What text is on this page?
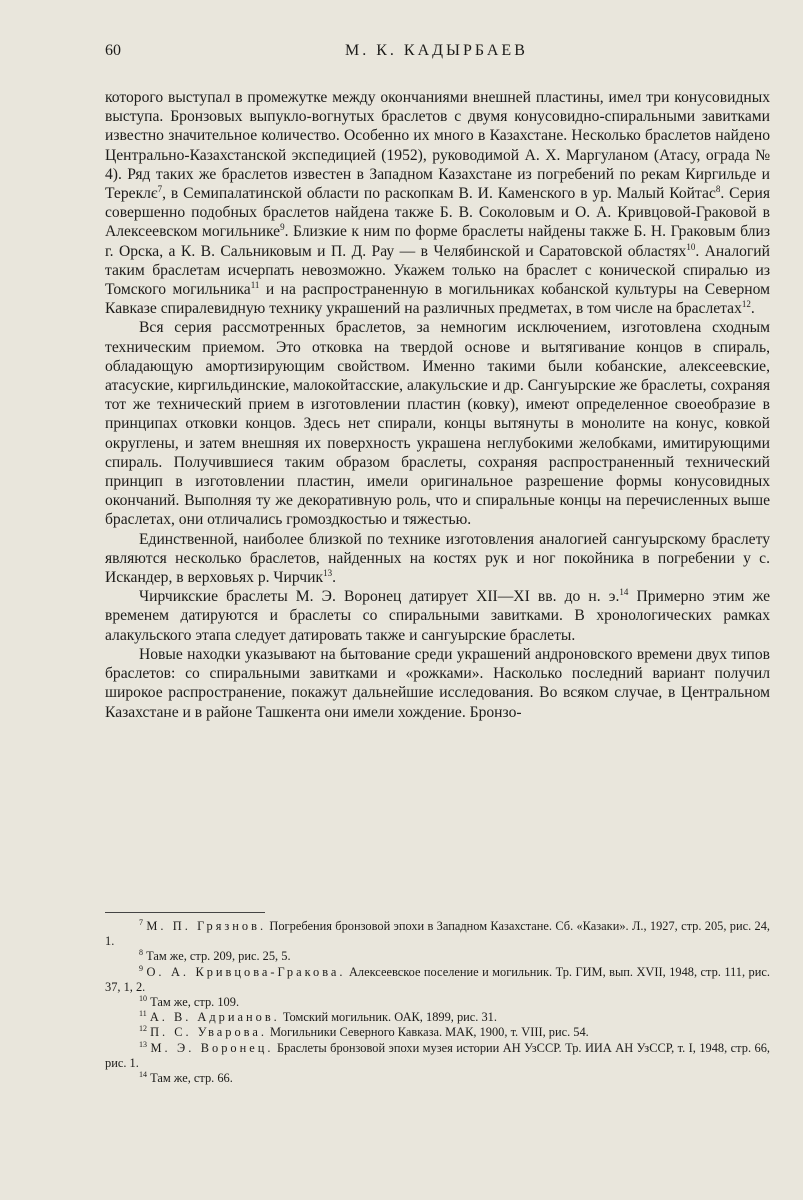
60	М. К. КАДЫРБАЕВ

которого выступал в промежутке между окончаниями внешней пластины, имел три конусовидных выступа. Бронзовых выпукло-вогнутых браслетов с двумя конусовидно-спиральными завитками известно значительное количество. Особенно их много в Казахстане. Несколько браслетов найдено Центрально-Казахстанской экспедицией (1952), руководимой А. Х. Маргуланом (Атасу, ограда № 4). Ряд таких же браслетов известен в Западном Казахстане из погребений по рекам Киргильде и Тереклє$^7$, в Семипалатинской области по раскопкам В. И. Каменского в ур. Малый Койтас$^8$. Серия совершенно подобных браслетов найдена также Б. В. Соколовым и О. А. Кривцовой-Граковой в Алексеевском могильнике$^9$. Близкие к ним по форме браслеты найдены также Б. Н. Граковым близ г. Орска, а К. В. Сальниковым и П. Д. Рау — в Челябинской и Саратовской областях$^{10}$. Аналогий таким браслетам исчерпать невозможно. Укажем только на браслет с конической спиралью из Томского могильника$^{11}$ и на распространенную в могильниках кобанской культуры на Северном Кавказе спиралевидную технику украшений на различных предметах, в том числе на браслетах$^{12}$.

Вся серия рассмотренных браслетов, за немногим исключением, изготовлена сходным техническим приемом. Это отковка на твердой основе и вытягивание концов в спираль, обладающую амортизирующим свойством. Именно такими были кобанские, алексеевские, атасуские, киргильдинские, малокойтасские, алакульские и др. Сангуырские же браслеты, сохраняя тот же технический прием в изготовлении пластин (ковку), имеют определенное своеобразие в принципах отковки концов. Здесь нет спирали, концы вытянуты в монолите на конус, ковкой округлены, и затем внешняя их поверхность украшена неглубокими желобками, имитирующими спираль. Получившиеся таким образом браслеты, сохраняя распространенный технический принцип в изготовлении пластин, имели оригинальное разрешение формы конусовидных окончаний. Выполняя ту же декоративную роль, что и спиральные концы на перечисленных выше браслетах, они отличались громоздкостью и тяжестью.

Единственной, наиболее близкой по технике изготовления аналогией сангуырскому браслету являются несколько браслетов, найденных на костях рук и ног покойника в погребении у с. Искандер, в верховьях р. Чирчик$^{13}$.

Чирчикские браслеты М. Э. Воронец датирует XII—XI вв. до н. э.$^{14}$ Примерно этим же временем датируются и браслеты со спиральными завитками. В хронологических рамках алакульского этапа следует датировать также и сангуырские браслеты.

Новые находки указывают на бытование среди украшений андроновского времени двух типов браслетов: со спиральными завитками и «рожками». Насколько последний вариант получил широкое распространение, покажут дальнейшие исследования. Во всяком случае, в Центральном Казахстане и в районе Ташкента они имели хождение. Бронзо-

$^7$ М. П. Грязнов. Погребения бронзовой эпохи в Западном Казахстане. Сб. «Казаки». Л., 1927, стр. 205, рис. 24, 1.

$^8$ Там же, стр. 209, рис. 25, 5.

$^9$ О. А. Кривцова-Гракова. Алексеевское поселение и могильник. Тр. ГИМ, вып. XVII, 1948, стр. 111, рис. 37, 1, 2.

$^{10}$ Там же, стр. 109.

$^{11}$ А. В. Адрианов. Томский могильник. ОАК, 1899, рис. 31.

$^{12}$ П. С. Уварова. Могильники Северного Кавказа. МАК, 1900, т. VIII, рис. 54.

$^{13}$ М. Э. Воронец. Браслеты бронзовой эпохи музея истории АН УзССР. Тр. ИИА АН УзССР, т. I, 1948, стр. 66, рис. 1.

$^{14}$ Там же, стр. 66.
